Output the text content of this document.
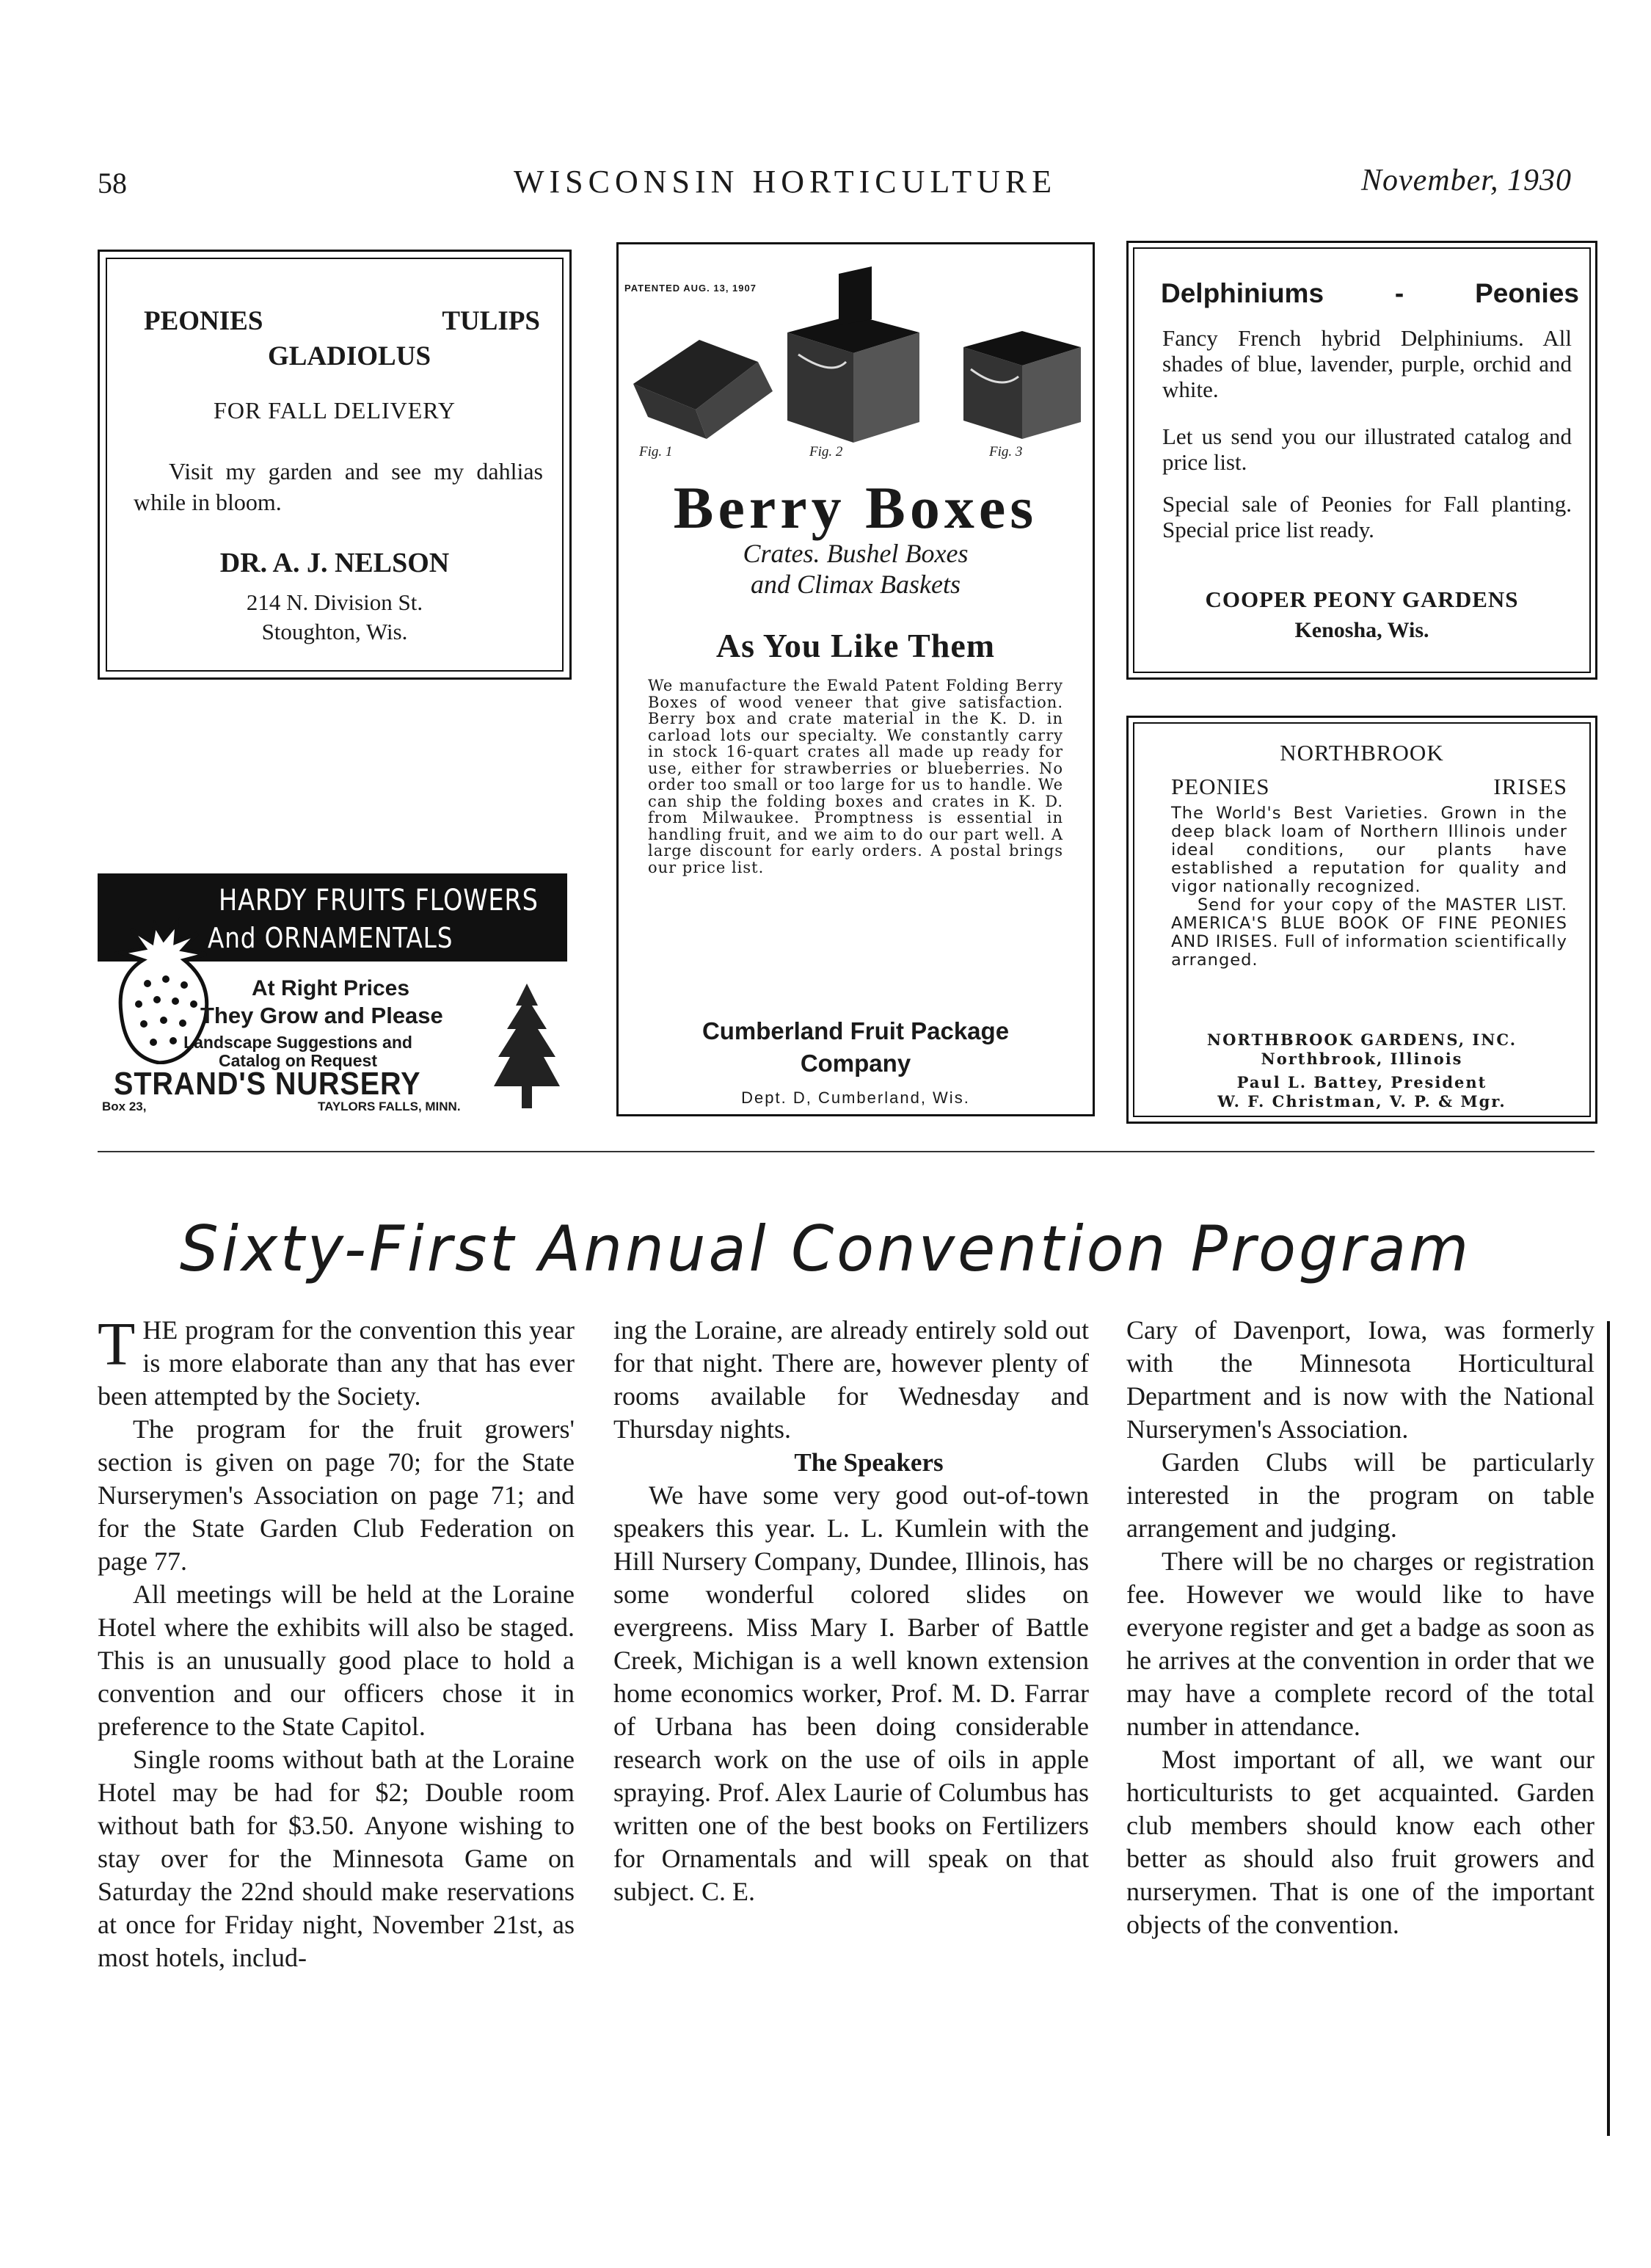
58	WISCONSIN HORTICULTURE	November, 1930
PEONIES	TULIPS
GLADIOLUS
FOR FALL DELIVERY
Visit my garden and see my dahlias while in bloom.
DR. A. J. NELSON
214 N. Division St.
Stoughton, Wis.
HARDY FRUITS FLOWERS
And ORNAMENTALS
At Right Prices
They Grow and Please
Landscape Suggestions and Catalog on Request
STRAND'S NURSERY
Box 23,	TAYLORS FALLS, MINN.
PATENTED AUG. 13, 1907
Fig. 1	Fig. 2	Fig. 3
Berry Boxes
Crates. Bushel Boxes
and Climax Baskets
As You Like Them
We manufacture the Ewald Patent Folding Berry Boxes of wood veneer that give satisfaction. Berry box and crate material in the K. D. in carload lots our specialty. We constantly carry in stock 16-quart crates all made up ready for use, either for strawberries or blueberries. No order too small or too large for us to handle. We can ship the folding boxes and crates in K. D. from Milwaukee. Promptness is essential in handling fruit, and we aim to do our part well. A large discount for early orders. A postal brings our price list.
Cumberland Fruit Package
Company
Dept. D, Cumberland, Wis.
Delphiniums	-	Peonies
Fancy French hybrid Delphiniums. All shades of blue, lavender, purple, orchid and white.
Let us send you our illustrated catalog and price list.
Special sale of Peonies for Fall planting. Special price list ready.
COOPER PEONY GARDENS
Kenosha, Wis.
NORTHBROOK
PEONIES	IRISES
The World's Best Varieties. Grown in the deep black loam of Northern Illinois under ideal conditions, our plants have established a reputation for quality and vigor nationally recognized.
Send for your copy of the MASTER LIST. AMERICA'S BLUE BOOK OF FINE PEONIES AND IRISES. Full of information scientifically arranged.
NORTHBROOK GARDENS, INC.
Northbrook, Illinois
Paul L. Battey, President
W. F. Christman, V. P. & Mgr.
Sixty-First Annual Convention Program

THE program for the convention this year is more elaborate than any that has ever been attempted by the Society.

The program for the fruit growers' section is given on page 70; for the State Nurserymen's Association on page 71; and for the State Garden Club Federation on page 77.

All meetings will be held at the Loraine Hotel where the exhibits will also be staged. This is an unusually good place to hold a convention and our officers chose it in preference to the State Capitol.

Single rooms without bath at the Loraine Hotel may be had for $2; Double room without bath for $3.50. Anyone wishing to stay over for the Minnesota Game on Saturday the 22nd should make reservations at once for Friday night, November 21st, as most hotels, includ-

ing the Loraine, are already entirely sold out for that night. There are, however plenty of rooms available for Wednesday and Thursday nights.

The Speakers

We have some very good out-of-town speakers this year. L. L. Kumlein with the Hill Nursery Company, Dundee, Illinois, has some wonderful colored slides on evergreens. Miss Mary I. Barber of Battle Creek, Michigan is a well known extension home economics worker, Prof. M. D. Farrar of Urbana has been doing considerable research work on the use of oils in apple spraying. Prof. Alex Laurie of Columbus has written one of the best books on Fertilizers for Ornamentals and will speak on that subject. C. E.

Cary of Davenport, Iowa, was formerly with the Minnesota Horticultural Department and is now with the National Nurserymen's Association.

Garden Clubs will be particularly interested in the program on table arrangement and judging.

There will be no charges or registration fee. However we would like to have everyone register and get a badge as soon as he arrives at the convention in order that we may have a complete record of the total number in attendance.

Most important of all, we want our horticulturists to get acquainted. Garden club members should know each other better as should also fruit growers and nurserymen. That is one of the important objects of the convention.
